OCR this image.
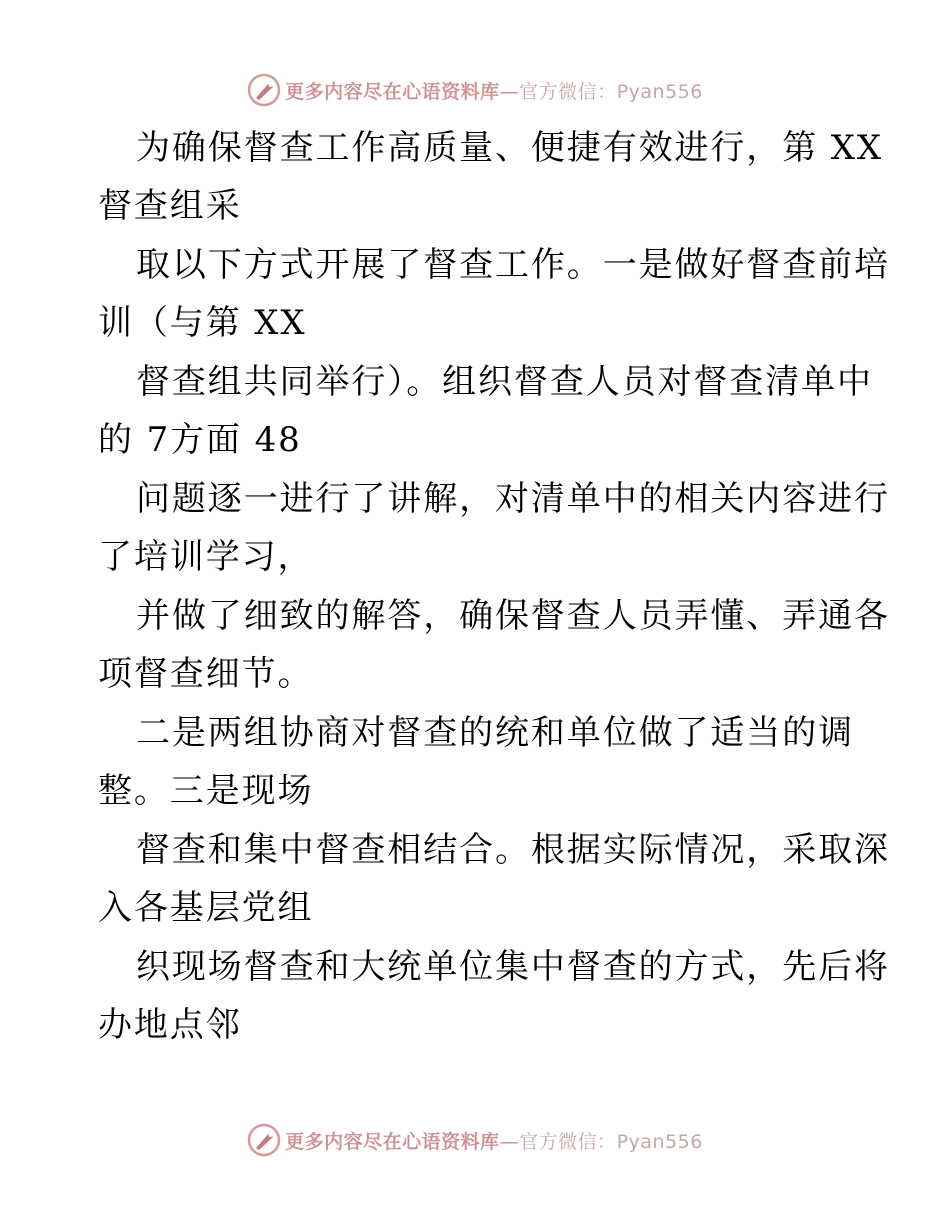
更多内容尽在心语资料库—官方微信：Pyan556
为确保督查工作高质量、便捷有效进行，第 XX
督查组采
取以下方式开展了督查工作。一是做好督查前培
训（与第 XX
督查组共同举行）。组织督查人员对督查清单中
的 7方面 48
问题逐一进行了讲解，对清单中的相关内容进行
了培训学习，
并做了细致的解答，确保督查人员弄懂、弄通各
项督查细节。
二是两组协商对督查的统和单位做了适当的调
整。三是现场
督查和集中督查相结合。根据实际情况，采取深
入各基层党组
织现场督查和大统单位集中督查的方式，先后将
办地点邻
更多内容尽在心语资料库—官方微信：Pyan556
